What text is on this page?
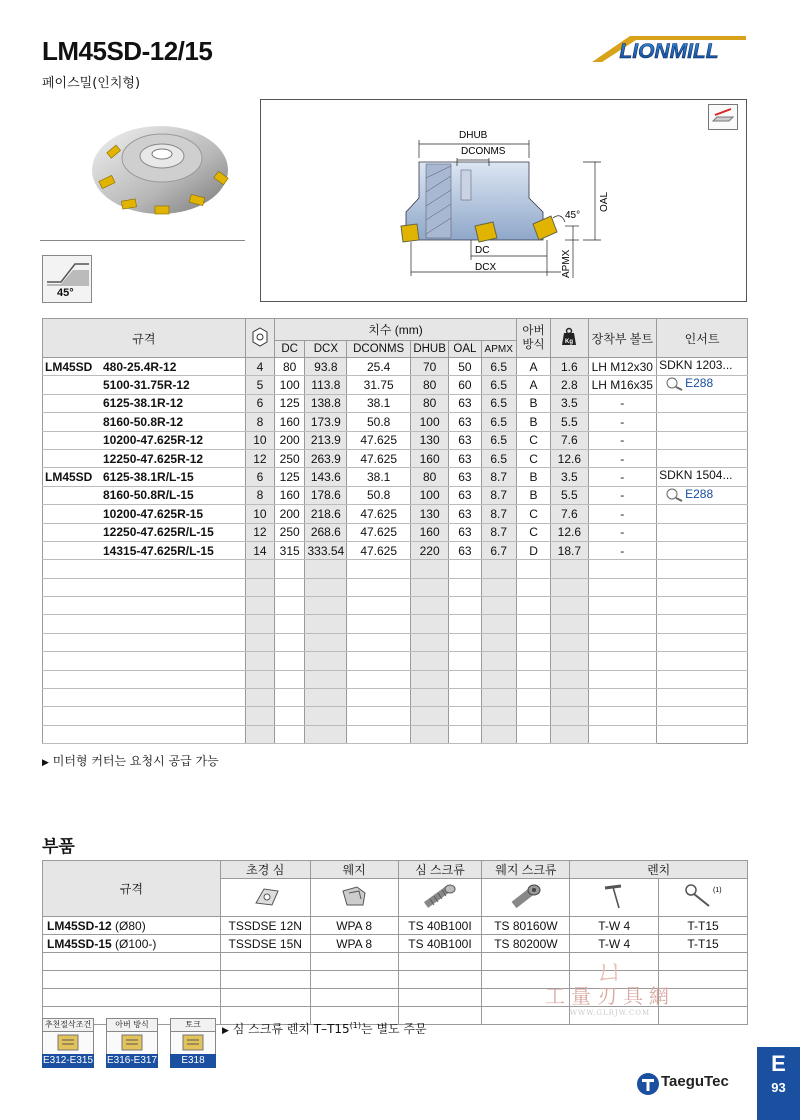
LM45SD-12/15
페이스밀(인치형)
LIONMILL
45°
DHUB
DCONMS
DC
DCX
45°
OAL
APMX
규격		치수 (mm)						아버 방식	Kg	장착부 볼트	인서트
		DC	DCX	DCONMS	DHUB	OAL	APMX				
LM45SD 480-25.4R-12	4	80	93.8	25.4	70	50	6.5	A	1.6	LH M12x30	SDKN 1203...

5100-31.75R-12	5	100	113.8	31.75	80	60	6.5	A	2.8	LH M16x35	E288

6125-38.1R-12	6	125	138.8	38.1	80	63	6.5	B	3.5	-	
8160-50.8R-12	8	160	173.9	50.8	100	63	6.5	B	5.5	-	
10200-47.625R-12	10	200	213.9	47.625	130	63	6.5	C	7.6	-	
12250-47.625R-12	12	250	263.9	47.625	160	63	6.5	C	12.6	-	
LM45SD 6125-38.1R/L-15	6	125	143.6	38.1	80	63	8.7	B	3.5	-	SDKN 1504...

8160-50.8R/L-15	8	160	178.6	50.8	100	63	8.7	B	5.5	-	E288

10200-47.625R-15	10	200	218.6	47.625	130	63	8.7	C	7.6	-	
12250-47.625R/L-15	12	250	268.6	47.625	160	63	8.7	C	12.6	-	
14315-47.625R/L-15	14	315	333.54	47.625	220	63	6.7	D	18.7	-	

▶ 미터형 커터는 요청시 공급 가능
부품
규격	초경 심	웨지	심 스크류	웨지 스크류	렌치	

(1)

LM45SD-12 (Ø80)	TSSDSE 12N	WPA 8	TS 40B100I	TS 80160W	T-W 4	T-T15
LM45SD-15 (Ø100-)	TSSDSE 15N	WPA 8	TS 40B100I	TS 80200W	T-W 4	T-T15

ㄩ
工量刃具網
WWW.GLRJW.COM
추천절삭조건
E312-E315
아버 방식
E316-E317
토크
E318
▶ 심 스크류 렌치 T–T15$^{(1)}$는 별도 주문
TaeguTec
E
93
